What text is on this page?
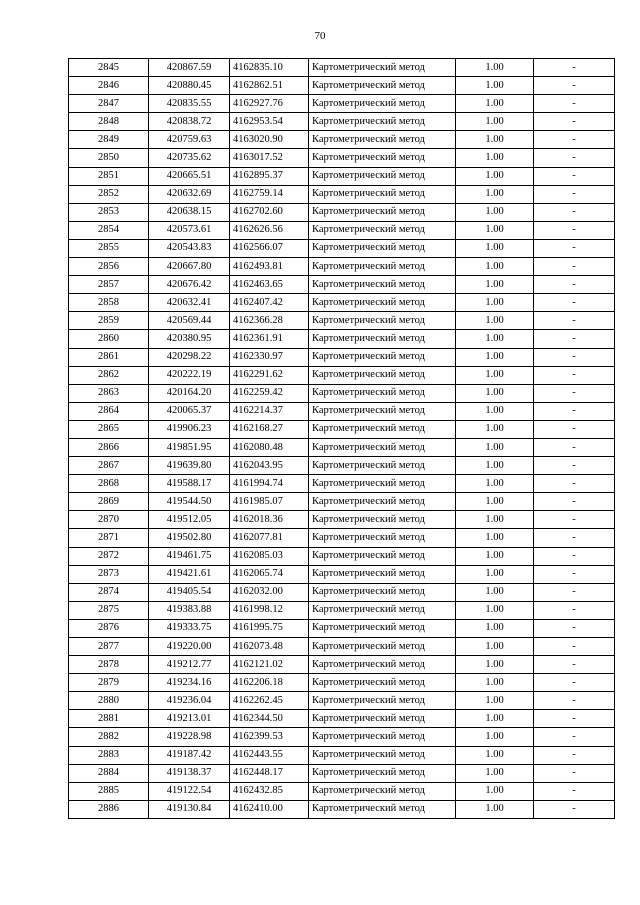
70
2845	420867.59	4162835.10	Картометрический метод	1.00	-
2846	420880.45	4162862.51	Картометрический метод	1.00	-
2847	420835.55	4162927.76	Картометрический метод	1.00	-
2848	420838.72	4162953.54	Картометрический метод	1.00	-
2849	420759.63	4163020.90	Картометрический метод	1.00	-
2850	420735.62	4163017.52	Картометрический метод	1.00	-
2851	420665.51	4162895.37	Картометрический метод	1.00	-
2852	420632.69	4162759.14	Картометрический метод	1.00	-
2853	420638.15	4162702.60	Картометрический метод	1.00	-
2854	420573.61	4162626.56	Картометрический метод	1.00	-
2855	420543.83	4162566.07	Картометрический метод	1.00	-
2856	420667.80	4162493.81	Картометрический метод	1.00	-
2857	420676.42	4162463.65	Картометрический метод	1.00	-
2858	420632.41	4162407.42	Картометрический метод	1.00	-
2859	420569.44	4162366.28	Картометрический метод	1.00	-
2860	420380.95	4162361.91	Картометрический метод	1.00	-
2861	420298.22	4162330.97	Картометрический метод	1.00	-
2862	420222.19	4162291.62	Картометрический метод	1.00	-
2863	420164.20	4162259.42	Картометрический метод	1.00	-
2864	420065.37	4162214.37	Картометрический метод	1.00	-
2865	419906.23	4162168.27	Картометрический метод	1.00	-
2866	419851.95	4162080.48	Картометрический метод	1.00	-
2867	419639.80	4162043.95	Картометрический метод	1.00	-
2868	419588.17	4161994.74	Картометрический метод	1.00	-
2869	419544.50	4161985.07	Картометрический метод	1.00	-
2870	419512.05	4162018.36	Картометрический метод	1.00	-
2871	419502.80	4162077.81	Картометрический метод	1.00	-
2872	419461.75	4162085.03	Картометрический метод	1.00	-
2873	419421.61	4162065.74	Картометрический метод	1.00	-
2874	419405.54	4162032.00	Картометрический метод	1.00	-
2875	419383.88	4161998.12	Картометрический метод	1.00	-
2876	419333.75	4161995.75	Картометрический метод	1.00	-
2877	419220.00	4162073.48	Картометрический метод	1.00	-
2878	419212.77	4162121.02	Картометрический метод	1.00	-
2879	419234.16	4162206.18	Картометрический метод	1.00	-
2880	419236.04	4162262.45	Картометрический метод	1.00	-
2881	419213.01	4162344.50	Картометрический метод	1.00	-
2882	419228.98	4162399.53	Картометрический метод	1.00	-
2883	419187.42	4162443.55	Картометрический метод	1.00	-
2884	419138.37	4162448.17	Картометрический метод	1.00	-
2885	419122.54	4162432.85	Картометрический метод	1.00	-
2886	419130.84	4162410.00	Картометрический метод	1.00	-
